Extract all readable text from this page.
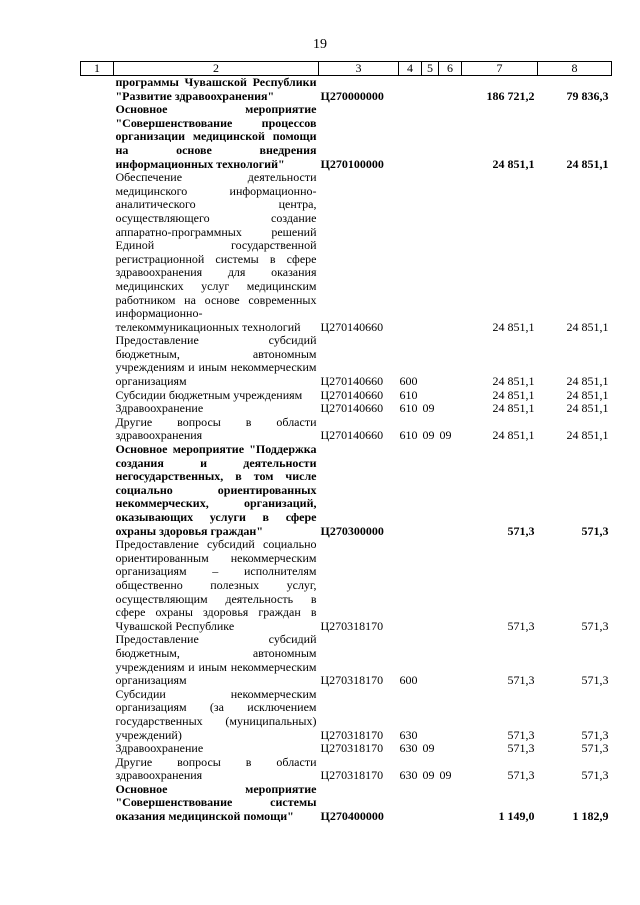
19
1	2	3	4	5	6	7	8
	программы Чувашской Республики "Развитие здравоохранения"	Ц270000000				186 721,2	79 836,3
	Основное мероприятие "Совершенствование процессов организации медицинской помощи на основе внедрения информационных технологий"	Ц270100000				24 851,1	24 851,1
	Обеспечение деятельности медицинского информационно-аналитического центра, осуществляющего создание аппаратно-программных решений Единой государственной регистрационной системы в сфере здравоохранения для оказания медицинских услуг медицинским работником на основе современных информационно-телекоммуникационных технологий	Ц270140660				24 851,1	24 851,1
	Предоставление субсидий бюджетным, автономным учреждениям и иным некоммерческим организациям	Ц270140660	600			24 851,1	24 851,1
	Субсидии бюджетным учреждениям	Ц270140660	610			24 851,1	24 851,1
	Здравоохранение	Ц270140660	610	09		24 851,1	24 851,1
	Другие вопросы в области здравоохранения	Ц270140660	610	09	09	24 851,1	24 851,1
	Основное мероприятие "Поддержка создания и деятельности негосударственных, в том числе социально ориентированных некоммерческих, организаций, оказывающих услуги в сфере охраны здоровья граждан"	Ц270300000				571,3	571,3
	Предоставление субсидий социально ориентированным некоммерческим организациям – исполнителям общественно полезных услуг, осуществляющим деятельность в сфере охраны здоровья граждан в Чувашской Республике	Ц270318170				571,3	571,3
	Предоставление субсидий бюджетным, автономным учреждениям и иным некоммерческим организациям	Ц270318170	600			571,3	571,3
	Субсидии некоммерческим организациям (за исключением государственных (муниципальных) учреждений)	Ц270318170	630			571,3	571,3
	Здравоохранение	Ц270318170	630	09		571,3	571,3
	Другие вопросы в области здравоохранения	Ц270318170	630	09	09	571,3	571,3
	Основное мероприятие "Совершенствование системы оказания медицинской помощи"	Ц270400000				1 149,0	1 182,9
